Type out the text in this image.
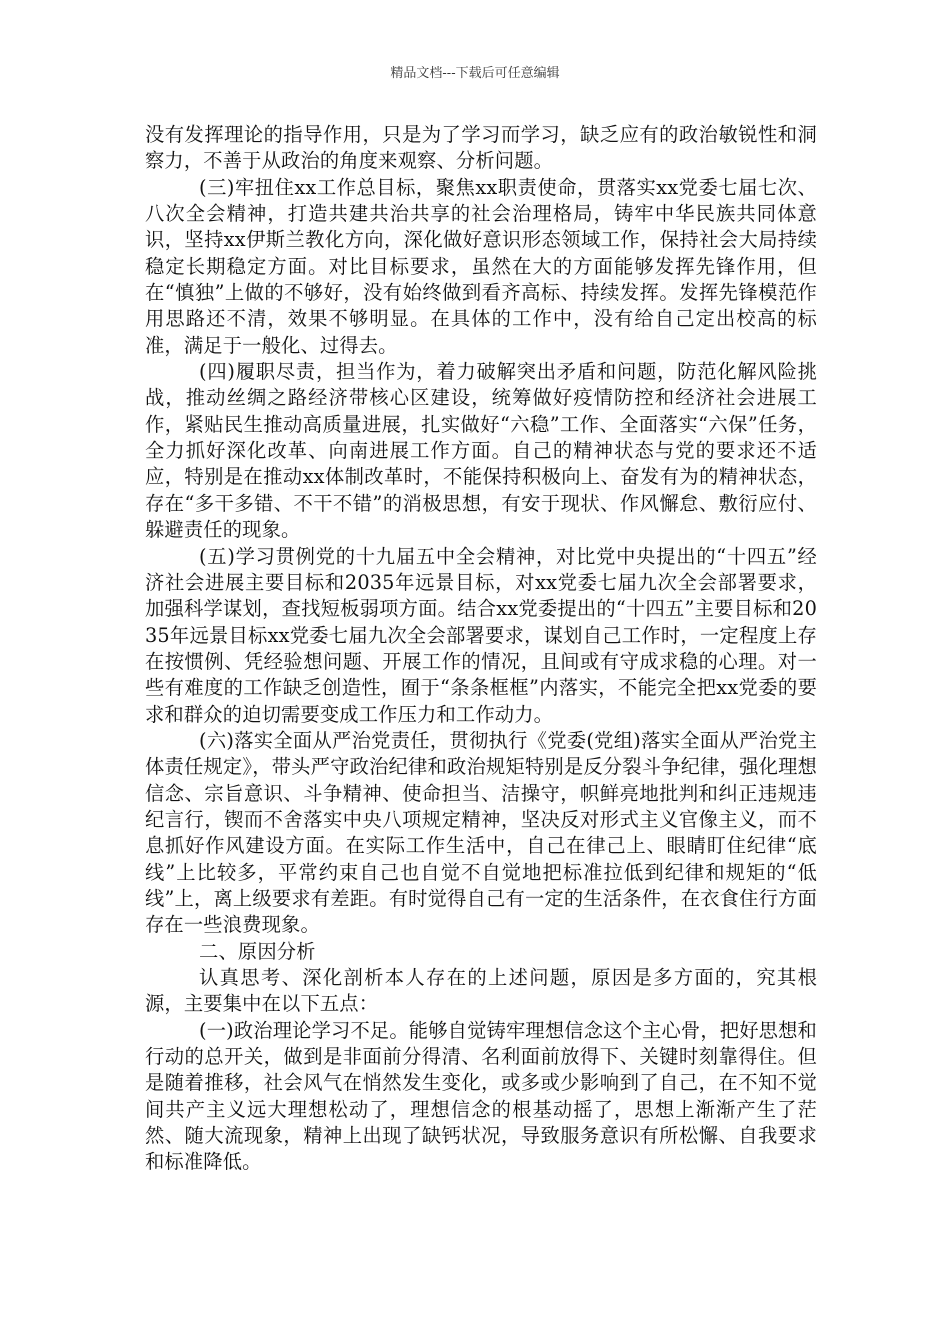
精品文档---下载后可任意编辑

没有发挥理论的指导作用，只是为了学习而学习，缺乏应有的政治敏锐性和洞察力，不善于从政治的角度来观察、分析问题。

(三)牢扭住xx工作总目标，聚焦xx职责使命，贯落实xx党委七届七次、八次全会精神，打造共建共治共享的社会治理格局，铸牢中华民族共同体意识，坚持xx伊斯兰教化方向，深化做好意识形态领域工作，保持社会大局持续稳定长期稳定方面。对比目标要求，虽然在大的方面能够发挥先锋作用，但在“慎独”上做的不够好，没有始终做到看齐高标、持续发挥。发挥先锋模范作用思路还不清，效果不够明显。在具体的工作中，没有给自己定出校高的标准，满足于一般化、过得去。

(四)履职尽责，担当作为，着力破解突出矛盾和问题，防范化解风险挑战，推动丝绸之路经济带核心区建设，统筹做好疫情防控和经济社会进展工作，紧贴民生推动高质量进展，扎实做好“六稳”工作、全面落实“六保”任务，全力抓好深化改革、向南进展工作方面。自己的精神状态与党的要求还不适应，特别是在推动xx体制改革时，不能保持积极向上、奋发有为的精神状态，存在“多干多错、不干不错”的消极思想，有安于现状、作风懈怠、敷衍应付、躲避责任的现象。

(五)学习贯例党的十九届五中全会精神，对比党中央提出的“十四五”经济社会进展主要目标和2035年远景目标，对xx党委七届九次全会部署要求，加强科学谋划，查找短板弱项方面。结合xx党委提出的“十四五”主要目标和2035年远景目标xx党委七届九次全会部署要求，谋划自己工作时，一定程度上存在按惯例、凭经验想问题、开展工作的情况，且间或有守成求稳的心理。对一些有难度的工作缺乏创造性，囿于“条条框框”内落实，不能完全把xx党委的要求和群众的迫切需要变成工作压力和工作动力。

(六)落实全面从严治党责任，贯彻执行《党委(党组)落实全面从严治党主体责任规定》，带头严守政治纪律和政治规矩特别是反分裂斗争纪律，强化理想信念、宗旨意识、斗争精神、使命担当、洁操守，帜鲜亮地批判和纠正违规违纪言行，锲而不舍落实中央八项规定精神，坚决反对形式主义官像主义，而不息抓好作风建设方面。在实际工作生活中，自己在律己上、眼睛盯住纪律“底线”上比较多，平常约束自己也自觉不自觉地把标准拉低到纪律和规矩的“低线”上，离上级要求有差距。有时觉得自己有一定的生活条件，在衣食住行方面存在一些浪费现象。

二、原因分析

认真思考、深化剖析本人存在的上述问题，原因是多方面的，究其根源，主要集中在以下五点：

(一)政治理论学习不足。能够自觉铸牢理想信念这个主心骨，把好思想和行动的总开关，做到是非面前分得清、名利面前放得下、关键时刻靠得住。但是随着推移，社会风气在悄然发生变化，或多或少影响到了自己，在不知不觉间共产主义远大理想松动了，理想信念的根基动摇了，思想上渐渐产生了茫然、随大流现象，精神上出现了缺钙状况，导致服务意识有所松懈、自我要求和标准降低。
